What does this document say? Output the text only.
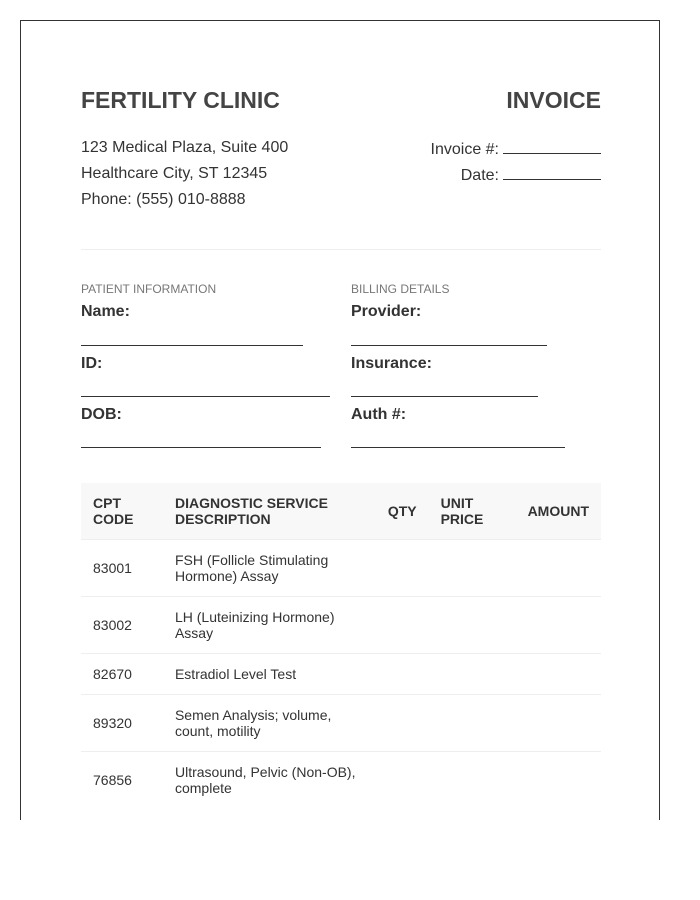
FERTILITY CLINIC	INVOICE
123 Medical Plaza, Suite 400
Healthcare City, ST 12345
Phone: (555) 010-8888
Invoice #:
Date:
PATIENT INFORMATION
Name:
ID:
DOB:
BILLING DETAILS
Provider:
Insurance:
Auth #:
CPT CODE	DIAGNOSTIC SERVICE DESCRIPTION	QTY	UNIT PRICE	AMOUNT
83001	FSH (Follicle Stimulating Hormone) Assay			
83002	LH (Luteinizing Hormone) Assay			
82670	Estradiol Level Test			
89320	Semen Analysis; volume, count, motility			
76856	Ultrasound, Pelvic (Non-OB), complete			
